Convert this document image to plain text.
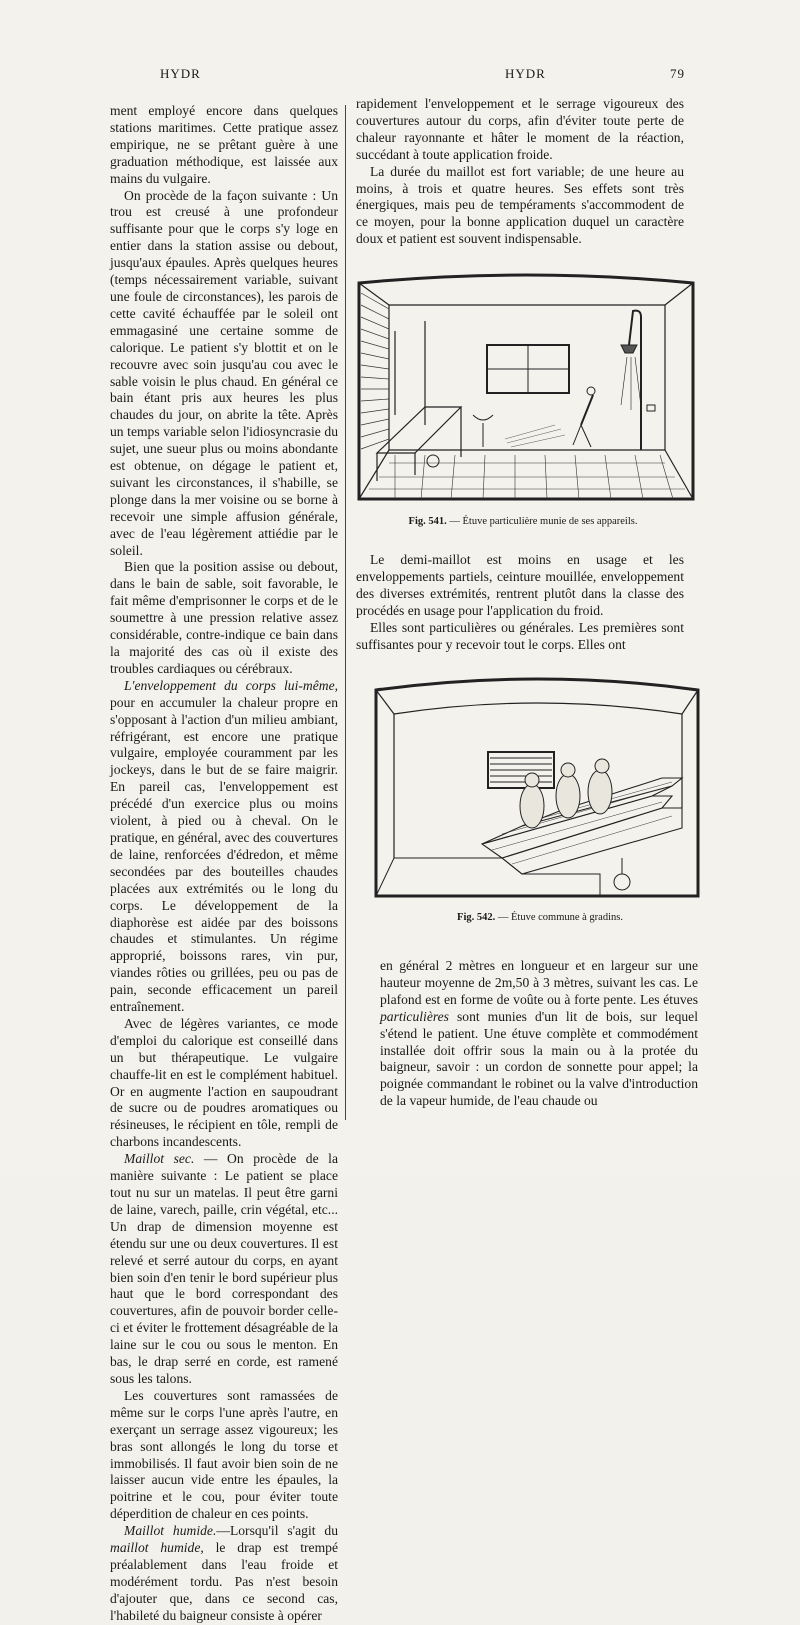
HYDR	HYDR	79

ment employé encore dans quelques stations maritimes. Cette pratique assez empirique, ne se prêtant guère à une graduation méthodique, est laissée aux mains du vulgaire.

On procède de la façon suivante : Un trou est creusé à une profondeur suffisante pour que le corps s'y loge en entier dans la station assise ou debout, jusqu'aux épaules. Après quelques heures (temps nécessairement variable, suivant une foule de circonstances), les parois de cette cavité échauffée par le soleil ont emmagasiné une certaine somme de calorique. Le patient s'y blottit et on le recouvre avec soin jusqu'au cou avec le sable voisin le plus chaud. En général ce bain étant pris aux heures les plus chaudes du jour, on abrite la tête. Après un temps variable selon l'idiosyncrasie du sujet, une sueur plus ou moins abondante est obtenue, on dégage le patient et, suivant les circonstances, il s'habille, se plonge dans la mer voisine ou se borne à recevoir une simple affusion générale, avec de l'eau légèrement attiédie par le soleil.

Bien que la position assise ou debout, dans le bain de sable, soit favorable, le fait même d'emprisonner le corps et de le soumettre à une pression relative assez considérable, contre-indique ce bain dans la majorité des cas où il existe des troubles cardiaques ou cérébraux.

L'enveloppement du corps lui-même, pour en accumuler la chaleur propre en s'opposant à l'action d'un milieu ambiant, réfrigérant, est encore une pratique vulgaire, employée couramment par les jockeys, dans le but de se faire maigrir. En pareil cas, l'enveloppement est précédé d'un exercice plus ou moins violent, à pied ou à cheval. On le pratique, en général, avec des couvertures de laine, renforcées d'édredon, et même secondées par des bouteilles chaudes placées aux extrémités ou le long du corps. Le développement de la diaphorèse est aidée par des boissons chaudes et stimulantes. Un régime approprié, boissons rares, vin pur, viandes rôties ou grillées, peu ou pas de pain, seconde efficacement un pareil entraînement.

Avec de légères variantes, ce mode d'emploi du calorique est conseillé dans un but thérapeutique. Le vulgaire chauffe-lit en est le complément habituel. Or en augmente l'action en saupoudrant de sucre ou de poudres aromatiques ou résineuses, le récipient en tôle, rempli de charbons incandescents.

Maillot sec. — On procède de la manière suivante : Le patient se place tout nu sur un matelas. Il peut être garni de laine, varech, paille, crin végétal, etc... Un drap de dimension moyenne est étendu sur une ou deux couvertures. Il est relevé et serré autour du corps, en ayant bien soin d'en tenir le bord supérieur plus haut que le bord correspondant des couvertures, afin de pouvoir border celle-ci et éviter le frottement désagréable de la laine sur le cou ou sous le menton. En bas, le drap serré en corde, est ramené sous les talons.

Les couvertures sont ramassées de même sur le corps l'une après l'autre, en exerçant un serrage assez vigoureux; les bras sont allongés le long du torse et immobilisés. Il faut avoir bien soin de ne laisser aucun vide entre les épaules, la poitrine et le cou, pour éviter toute déperdition de chaleur en ces points.

Maillot humide.—Lorsqu'il s'agit du maillot humide, le drap est trempé préalablement dans l'eau froide et modérément tordu. Pas n'est besoin d'ajouter que, dans ce second cas, l'habileté du baigneur consiste à opérer

rapidement l'enveloppement et le serrage vigoureux des couvertures autour du corps, afin d'éviter toute perte de chaleur rayonnante et hâter le moment de la réaction, succédant à toute application froide.

La durée du maillot est fort variable; de une heure au moins, à trois et quatre heures. Ses effets sont très énergiques, mais peu de tempéraments s'accommodent de ce moyen, pour la bonne application duquel un caractère doux et patient est souvent indispensable.

Fig. 541. — Étuve particulière munie de ses appareils.

Le demi-maillot est moins en usage et les enveloppements partiels, ceinture mouillée, enveloppement des diverses extrémités, rentrent plutôt dans la classe des procédés en usage pour l'application du froid.

Elles sont particulières ou générales. Les premières sont suffisantes pour y recevoir tout le corps. Elles ont

Fig. 542. — Étuve commune à gradins.

en général 2 mètres en longueur et en largeur sur une hauteur moyenne de 2m,50 à 3 mètres, suivant les cas. Le plafond est en forme de voûte ou à forte pente. Les étuves particulières sont munies d'un lit de bois, sur lequel s'étend le patient. Une étuve complète et commodément installée doit offrir sous la main ou à la protée du baigneur, savoir : un cordon de sonnette pour appel; la poignée commandant le robinet ou la valve d'introduction de la vapeur humide, de l'eau chaude ou
